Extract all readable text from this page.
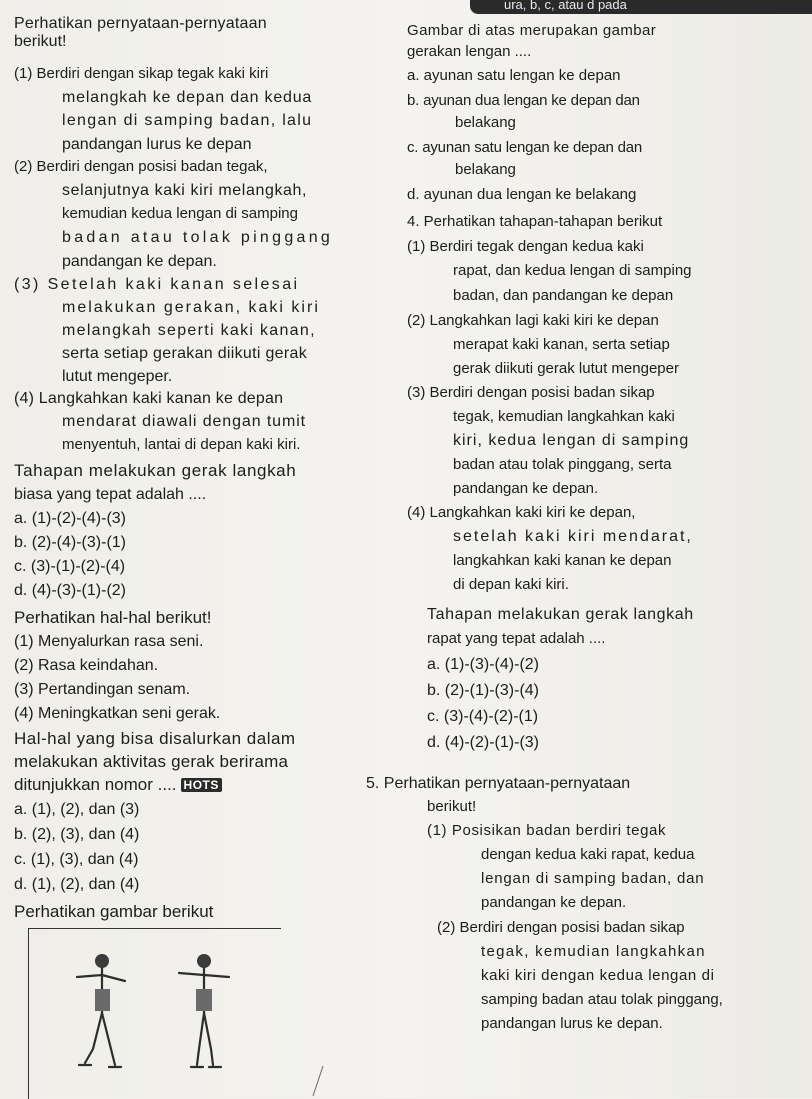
ura, b, c, atau d pada
Perhatikan pernyataan-pernyataan
berikut!
(1) Berdiri dengan sikap tegak kaki kiri
melangkah ke depan dan kedua
lengan di samping badan, lalu
pandangan lurus ke depan
(2) Berdiri dengan posisi badan tegak,
selanjutnya kaki kiri melangkah,
kemudian kedua lengan di samping
badan atau tolak pinggang
pandangan ke depan.
(3) Setelah kaki kanan selesai
melakukan gerakan, kaki kiri
melangkah seperti kaki kanan,
serta setiap gerakan diikuti gerak
lutut mengeper.
(4) Langkahkan kaki kanan ke depan
mendarat diawali dengan tumit
menyentuh, lantai di depan kaki kiri.
Tahapan melakukan gerak langkah
biasa yang tepat adalah ....
a. (1)-(2)-(4)-(3)
b. (2)-(4)-(3)-(1)
c. (3)-(1)-(2)-(4)
d. (4)-(3)-(1)-(2)
Perhatikan hal-hal berikut!
(1) Menyalurkan rasa seni.
(2) Rasa keindahan.
(3) Pertandingan senam.
(4) Meningkatkan seni gerak.
Hal-hal yang bisa disalurkan dalam
melakukan aktivitas gerak berirama
ditunjukkan nomor .... HOTS
a. (1), (2), dan (3)
b. (2), (3), dan (4)
c. (1), (3), dan (4)
d. (1), (2), dan (4)
Perhatikan gambar berikut
Gambar di atas merupakan gambar
gerakan lengan ....
a. ayunan satu lengan ke depan
b. ayunan dua lengan ke depan dan
belakang
c. ayunan satu lengan ke depan dan
belakang
d. ayunan dua lengan ke belakang
4. Perhatikan tahapan-tahapan berikut
(1) Berdiri tegak dengan kedua kaki
rapat, dan kedua lengan di samping
badan, dan pandangan ke depan
(2) Langkahkan lagi kaki kiri ke depan
merapat kaki kanan, serta setiap
gerak diikuti gerak lutut mengeper
(3) Berdiri dengan posisi badan sikap
tegak, kemudian langkahkan kaki
kiri, kedua lengan di samping
badan atau tolak pinggang, serta
pandangan ke depan.
(4) Langkahkan kaki kiri ke depan,
setelah kaki kiri mendarat,
langkahkan kaki kanan ke depan
di depan kaki kiri.
Tahapan melakukan gerak langkah
rapat yang tepat adalah ....
a. (1)-(3)-(4)-(2)
b. (2)-(1)-(3)-(4)
c. (3)-(4)-(2)-(1)
d. (4)-(2)-(1)-(3)
5. Perhatikan pernyataan-pernyataan
berikut!
(1) Posisikan badan berdiri tegak
dengan kedua kaki rapat, kedua
lengan di samping badan, dan
pandangan ke depan.
(2) Berdiri dengan posisi badan sikap
tegak, kemudian langkahkan
kaki kiri dengan kedua lengan di
samping badan atau tolak pinggang,
pandangan lurus ke depan.
